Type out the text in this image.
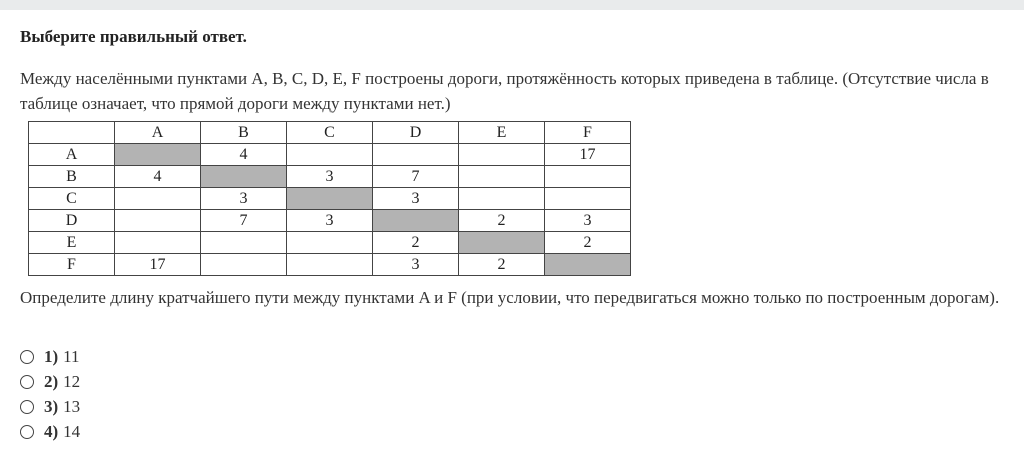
Выберите правильный ответ.
Между населёнными пунктами A, B, C, D, E, F построены дороги, протяжённость которых приведена в таблице. (Отсутствие числа в таблице означает, что прямой дороги между пунктами нет.)
	A	B	C	D	E	F
A		4				17
B	4		3	7		
C		3		3		
D		7	3		2	3
E				2		2
F	17			3	2	
Определите длину кратчайшего пути между пунктами A и F (при условии, что передвигаться можно только по построенным дорогам).
1) 11
2) 12
3) 13
4) 14
